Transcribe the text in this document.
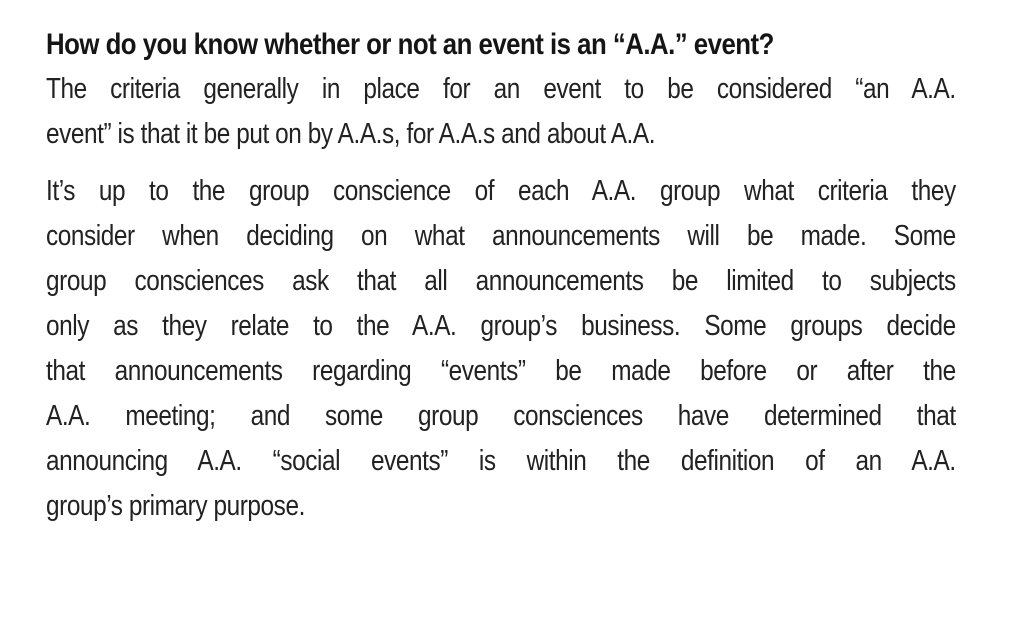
How do you know whether or not an event is an “A.A.” event?

The criteria generally in place for an event to be considered “an A.A.
event” is that it be put on by A.A.s, for A.A.s and about A.A.

It’s up to the group conscience of each A.A. group what criteria they
consider when deciding on what announcements will be made. Some
group consciences ask that all announcements be limited to subjects
only as they relate to the A.A. group’s business. Some groups decide
that announcements regarding “events” be made before or after the
A.A. meeting; and some group consciences have determined that
announcing A.A. “social events” is within the definition of an A.A.
group’s primary purpose.
